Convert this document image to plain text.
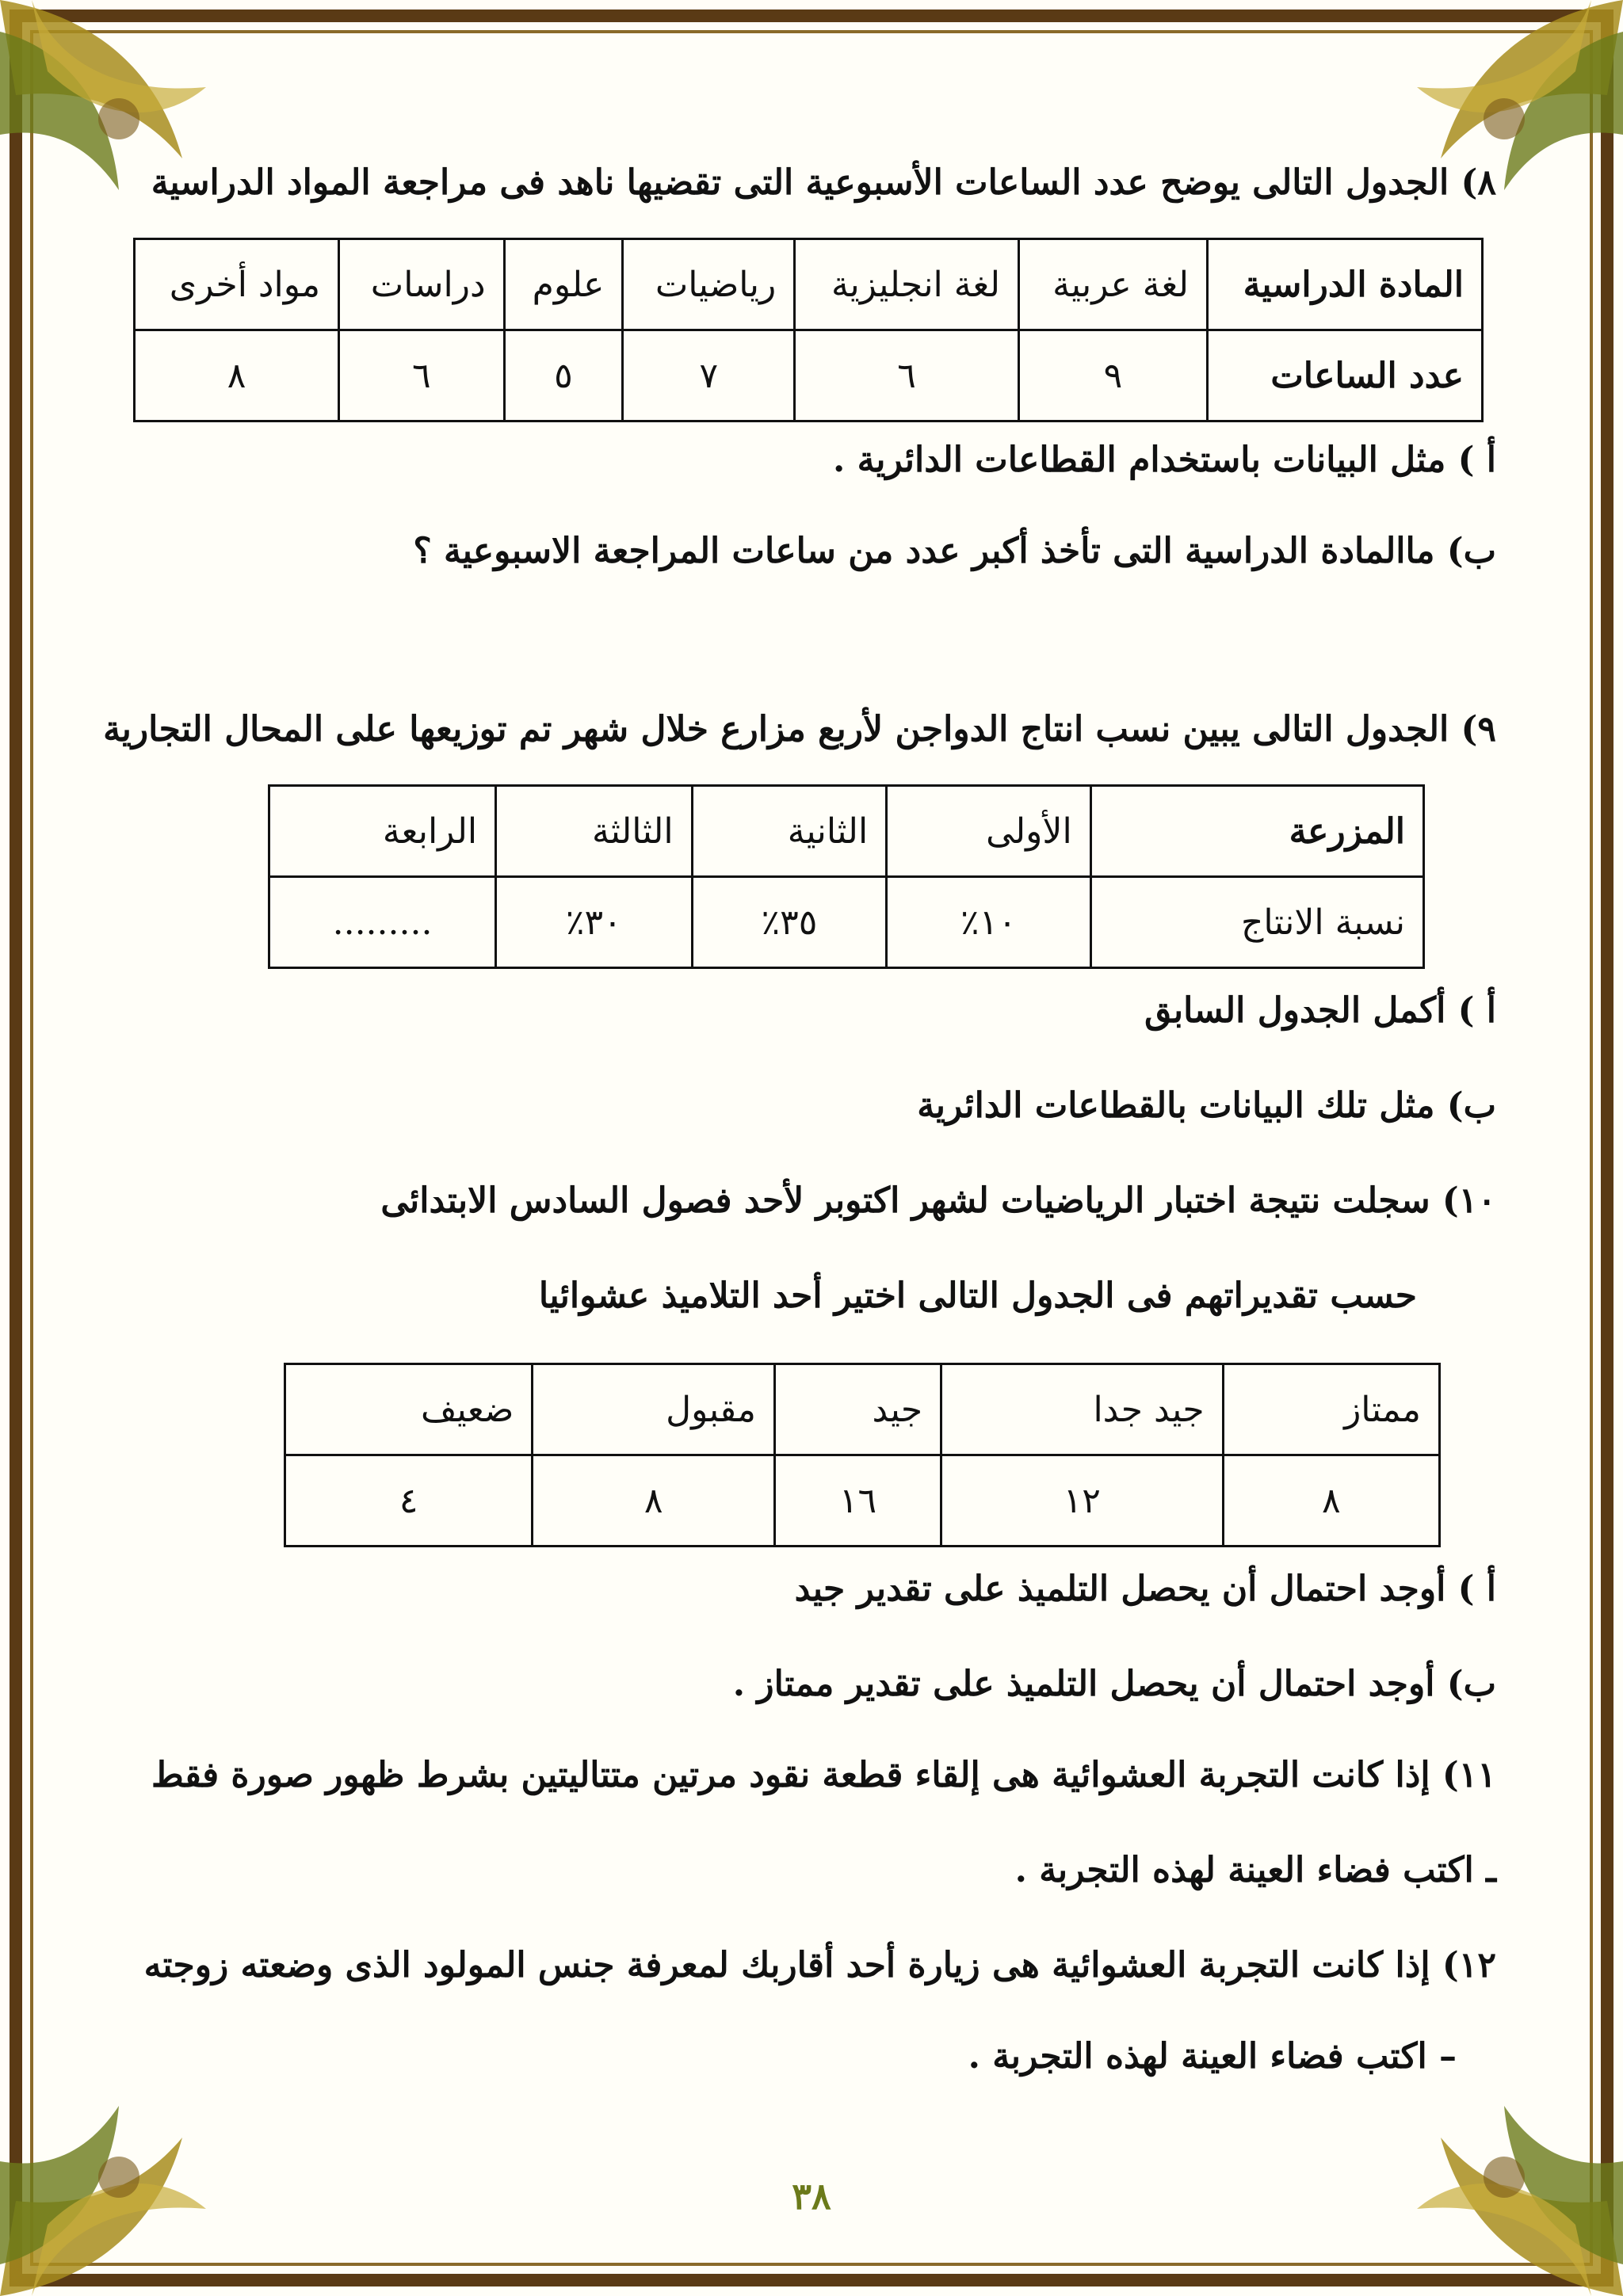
٨) الجدول التالى يوضح عدد الساعات الأسبوعية التى تقضيها ناهد فى مراجعة المواد الدراسية
المادة الدراسية	لغة عربية	لغة انجليزية	رياضيات	علوم	دراسات	مواد أخرى
عدد الساعات	٩	٦	٧	٥	٦	٨
أ ) مثل البيانات باستخدام القطاعات الدائرية .
ب) ماالمادة الدراسية التى تأخذ أكبر عدد من ساعات المراجعة الاسبوعية ؟
٩) الجدول التالى يبين نسب انتاج الدواجن لأربع مزارع خلال شهر تم توزيعها على المحال التجارية
المزرعة	الأولى	الثانية	الثالثة	الرابعة
نسبة الانتاج	١٠٪	٣٥٪	٣٠٪	.........
أ ) أكمل الجدول السابق
ب) مثل تلك البيانات بالقطاعات الدائرية
١٠) سجلت نتيجة اختبار الرياضيات لشهر اكتوبر لأحد فصول السادس الابتدائى
حسب تقديراتهم فى الجدول التالى اختير أحد التلاميذ عشوائيا
ممتاز	جيد جدا	جيد	مقبول	ضعيف
٨	١٢	١٦	٨	٤
أ ) أوجد احتمال أن يحصل التلميذ على تقدير جيد
ب) أوجد احتمال أن يحصل التلميذ على تقدير ممتاز .
١١) إذا كانت التجربة العشوائية هى إلقاء قطعة نقود مرتين متتاليتين بشرط ظهور صورة فقط
ـ اكتب فضاء العينة لهذه التجربة .
١٢) إذا كانت التجربة العشوائية هى زيارة أحد أقاربك لمعرفة جنس المولود الذى وضعته زوجته
– اكتب فضاء العينة لهذه التجربة .
٣٨
